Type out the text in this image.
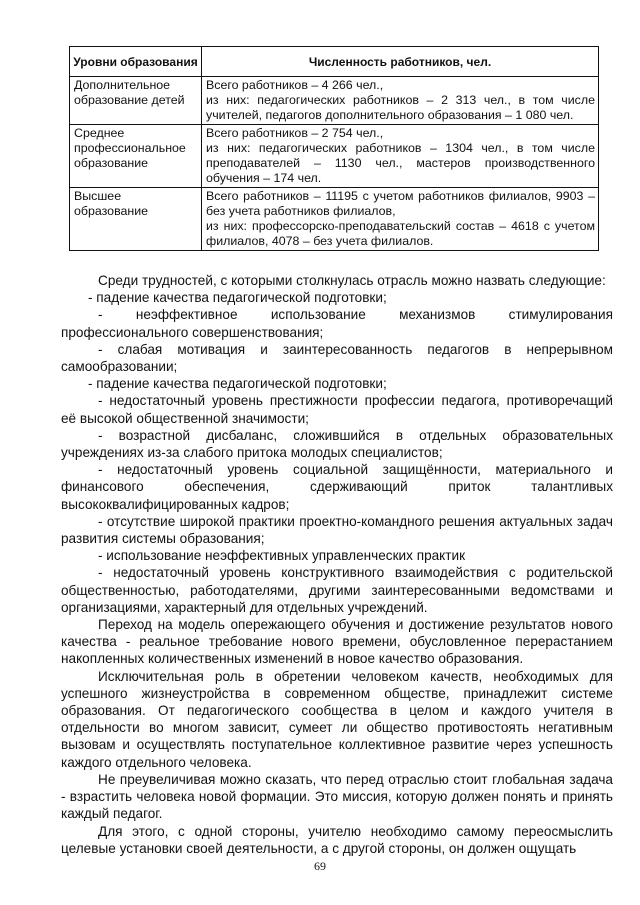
Уровни образования	Численность работников, чел.
Дополнительное образование детей	Всего работников – 4 266 чел.,
из них: педагогических работников – 2 313 чел., в том числе учителей, педагогов дополнительного образования – 1 080 чел.

Среднее профессиональное образование	Всего работников – 2 754 чел.,
из них: педагогических работников – 1304 чел., в том числе преподавателей – 1130 чел., мастеров производственного обучения – 174 чел.

Высшее образование	Всего работников – 11195 с учетом работников филиалов, 9903 – без учета работников филиалов,
из них: профессорско-преподавательский состав – 4618 с учетом филиалов, 4078 – без учета филиалов.

Среди трудностей, с которыми столкнулась отрасль можно назвать следующие:

- падение качества педагогической подготовки;

- неэффективное использование механизмов стимулирования профессионального совершенствования;

- слабая мотивация и заинтересованность педагогов в непрерывном самообразовании;

- падение качества педагогической подготовки;

- недостаточный уровень престижности профессии педагога, противоречащий её высокой общественной значимости;

- возрастной дисбаланс, сложившийся в отдельных образовательных учреждениях из-за слабого притока молодых специалистов;

- недостаточный уровень социальной защищённости, материального и финансового обеспечения, сдерживающий приток талантливых высококвалифицированных кадров;

- отсутствие широкой практики проектно-командного решения актуальных задач развития системы образования;

- использование неэффективных управленческих практик

- недостаточный уровень конструктивного взаимодействия с родительской общественностью, работодателями, другими заинтересованными ведомствами и организациями, характерный для отдельных учреждений.

Переход на модель опережающего обучения и достижение результатов нового качества - реальное требование нового времени, обусловленное перерастанием накопленных количественных изменений в новое качество образования.

Исключительная роль в обретении человеком качеств, необходимых для успешного жизнеустройства в современном обществе, принадлежит системе образования. От педагогического сообщества в целом и каждого учителя в отдельности во многом зависит, сумеет ли общество противостоять негативным вызовам и осуществлять поступательное коллективное развитие через успешность каждого отдельного человека.

Не преувеличивая можно сказать, что перед отраслью стоит глобальная задача - взрастить человека новой формации. Это миссия, которую должен понять и принять каждый педагог.

Для этого, с одной стороны, учителю необходимо самому переосмыслить целевые установки своей деятельности, а с другой стороны, он должен ощущать

69
